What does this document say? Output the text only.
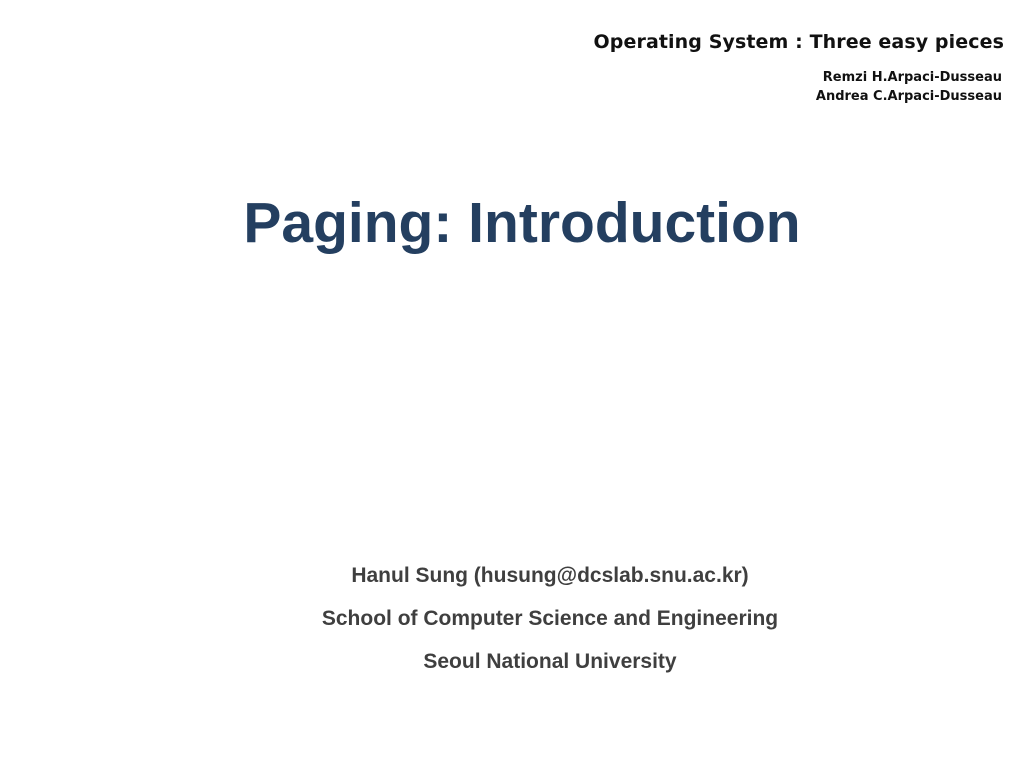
Operating System : Three easy pieces
Remzi H.Arpaci-Dusseau
Andrea C.Arpaci-Dusseau
Paging: Introduction
Hanul Sung (husung@dcslab.snu.ac.kr)
School of Computer Science and Engineering
Seoul National University
